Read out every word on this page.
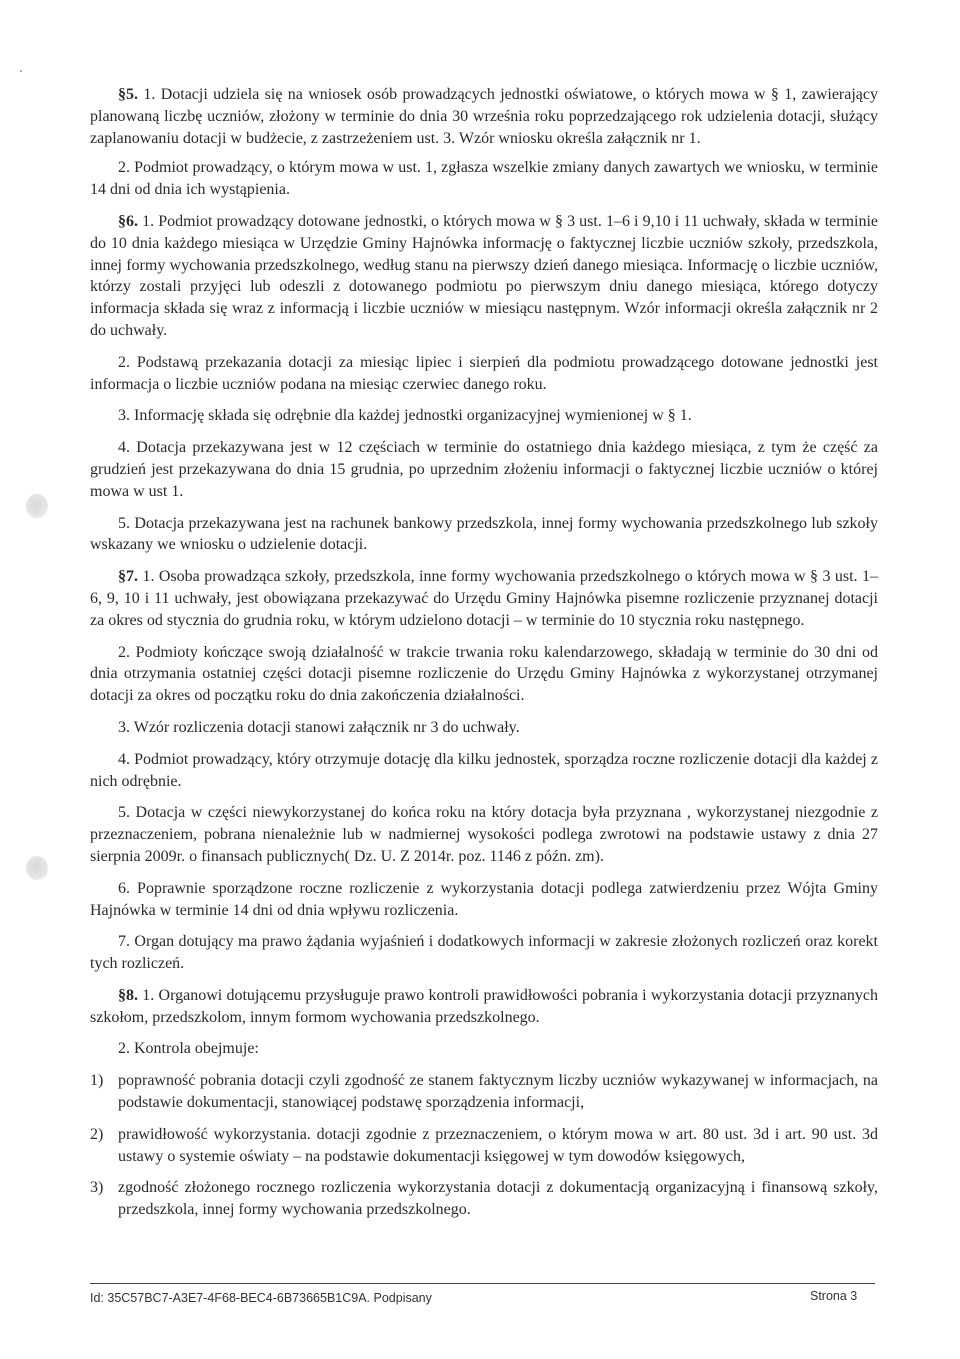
§5. 1. Dotacji udziela się na wniosek osób prowadzących jednostki oświatowe, o których mowa w § 1, zawierający planowaną liczbę uczniów, złożony w terminie do dnia 30 września roku poprzedzającego rok udzielenia dotacji, służący zaplanowaniu dotacji w budżecie, z zastrzeżeniem ust. 3. Wzór wniosku określa załącznik nr 1.

2. Podmiot prowadzący, o którym mowa w ust. 1, zgłasza wszelkie zmiany danych zawartych we wniosku, w terminie 14 dni od dnia ich wystąpienia.

§6. 1. Podmiot prowadzący dotowane jednostki, o których mowa w § 3 ust. 1–6 i 9,10 i 11 uchwały, składa w terminie do 10 dnia każdego miesiąca w Urzędzie Gminy Hajnówka informację o faktycznej liczbie uczniów szkoły, przedszkola, innej formy wychowania przedszkolnego, według stanu na pierwszy dzień danego miesiąca. Informację o liczbie uczniów, którzy zostali przyjęci lub odeszli z dotowanego podmiotu po pierwszym dniu danego miesiąca, którego dotyczy informacja składa się wraz z informacją i liczbie uczniów w miesiącu następnym. Wzór informacji określa załącznik nr 2 do uchwały.

2. Podstawą przekazania dotacji za miesiąc lipiec i sierpień dla podmiotu prowadzącego dotowane jednostki jest informacja o liczbie uczniów podana na miesiąc czerwiec danego roku.

3. Informację składa się odrębnie dla każdej jednostki organizacyjnej wymienionej w § 1.

4. Dotacja przekazywana jest w 12 częściach w terminie do ostatniego dnia każdego miesiąca, z tym że część za grudzień jest przekazywana do dnia 15 grudnia, po uprzednim złożeniu informacji o faktycznej liczbie uczniów o której mowa w ust 1.

5. Dotacja przekazywana jest na rachunek bankowy przedszkola, innej formy wychowania przedszkolnego lub szkoły wskazany we wniosku o udzielenie dotacji.

§7. 1. Osoba prowadząca szkoły, przedszkola, inne formy wychowania przedszkolnego o których mowa w § 3 ust. 1–6, 9, 10 i 11 uchwały, jest obowiązana przekazywać do Urzędu Gminy Hajnówka pisemne rozliczenie przyznanej dotacji za okres od stycznia do grudnia roku, w którym udzielono dotacji – w terminie do 10 stycznia roku następnego.

2. Podmioty kończące swoją działalność w trakcie trwania roku kalendarzowego, składają w terminie do 30 dni od dnia otrzymania ostatniej części dotacji pisemne rozliczenie do Urzędu Gminy Hajnówka z wykorzystanej otrzymanej dotacji za okres od początku roku do dnia zakończenia działalności.

3. Wzór rozliczenia dotacji stanowi załącznik nr 3 do uchwały.

4. Podmiot prowadzący, który otrzymuje dotację dla kilku jednostek, sporządza roczne rozliczenie dotacji dla każdej z nich odrębnie.

5. Dotacja w części niewykorzystanej do końca roku na który dotacja była przyznana , wykorzystanej niezgodnie z przeznaczeniem, pobrana nienależnie lub w nadmiernej wysokości podlega zwrotowi na podstawie ustawy z dnia 27 sierpnia 2009r. o finansach publicznych( Dz. U. Z 2014r. poz. 1146 z późn. zm).

6. Poprawnie sporządzone roczne rozliczenie z wykorzystania dotacji podlega zatwierdzeniu przez Wójta Gminy Hajnówka w terminie 14 dni od dnia wpływu rozliczenia.

7. Organ dotujący ma prawo żądania wyjaśnień i dodatkowych informacji w zakresie złożonych rozliczeń oraz korekt tych rozliczeń.

§8. 1. Organowi dotującemu przysługuje prawo kontroli prawidłowości pobrania i wykorzystania dotacji przyznanych szkołom, przedszkolom, innym formom wychowania przedszkolnego.

2. Kontrola obejmuje:

1) poprawność pobrania dotacji czyli zgodność ze stanem faktycznym liczby uczniów wykazywanej w informacjach, na podstawie dokumentacji, stanowiącej podstawę sporządzenia informacji,
2) prawidłowość wykorzystania. dotacji zgodnie z przeznaczeniem, o którym mowa w art. 80 ust. 3d i art. 90 ust. 3d ustawy o systemie oświaty – na podstawie dokumentacji księgowej w tym dowodów księgowych,
3) zgodność złożonego rocznego rozliczenia wykorzystania dotacji z dokumentacją organizacyjną i finansową szkoły, przedszkola, innej formy wychowania przedszkolnego.
Id: 35C57BC7-A3E7-4F68-BEC4-6B73665B1C9A. Podpisany	Strona 3
